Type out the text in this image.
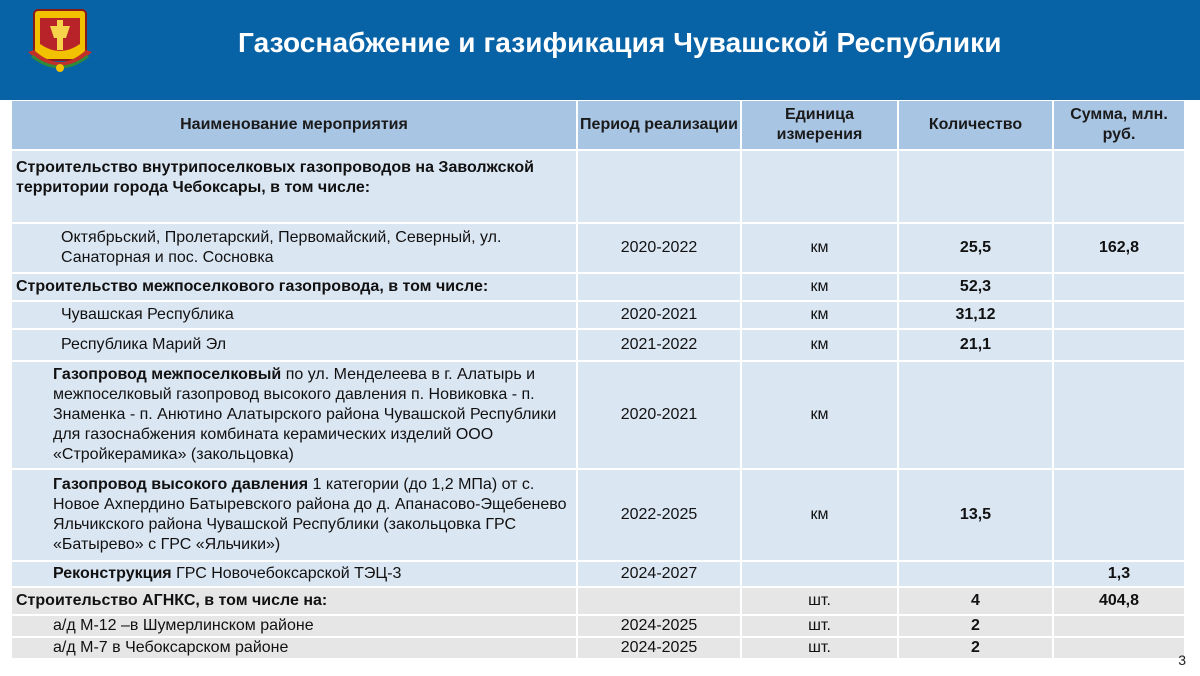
Газоснабжение и газификация Чувашской Республики
Наименование мероприятия	Период реализации	Единица измерения	Количество	Сумма, млн. руб.
Строительство внутрипоселковых газопроводов на Заволжской территории города Чебоксары, в том числе:				
Октябрьский, Пролетарский, Первомайский, Северный, ул. Санаторная и пос. Сосновка	2020-2022	км	25,5	162,8
Строительство межпоселкового газопровода, в том числе:		км	52,3	
Чувашская Республика	2020-2021	км	31,12	
Республика Марий Эл	2021-2022	км	21,1	
Газопровод межпоселковый по ул. Менделеева в г. Алатырь и межпоселковый газопровод высокого давления п. Новиковка - п. Знаменка - п. Анютино Алатырского района Чувашской Республики для газоснабжения комбината керамических изделий ООО «Стройкерамика» (закольцовка)	2020-2021	км		
Газопровод высокого давления 1 категории (до 1,2 МПа) от с. Новое Ахпердино Батыревского района до д. Апанасово-Эщебенево Яльчикского района Чувашской Республики (закольцовка ГРС «Батырево» с ГРС «Яльчики»)	2022-2025	км	13,5	
Реконструкция ГРС Новочебоксарской ТЭЦ-3	2024-2027			1,3
Строительство АГНКС, в том числе на:		шт.	4	404,8
а/д М-12 –в Шумерлинском районе	2024-2025	шт.	2	
а/д М-7 в Чебоксарском районе	2024-2025	шт.	2	
3
